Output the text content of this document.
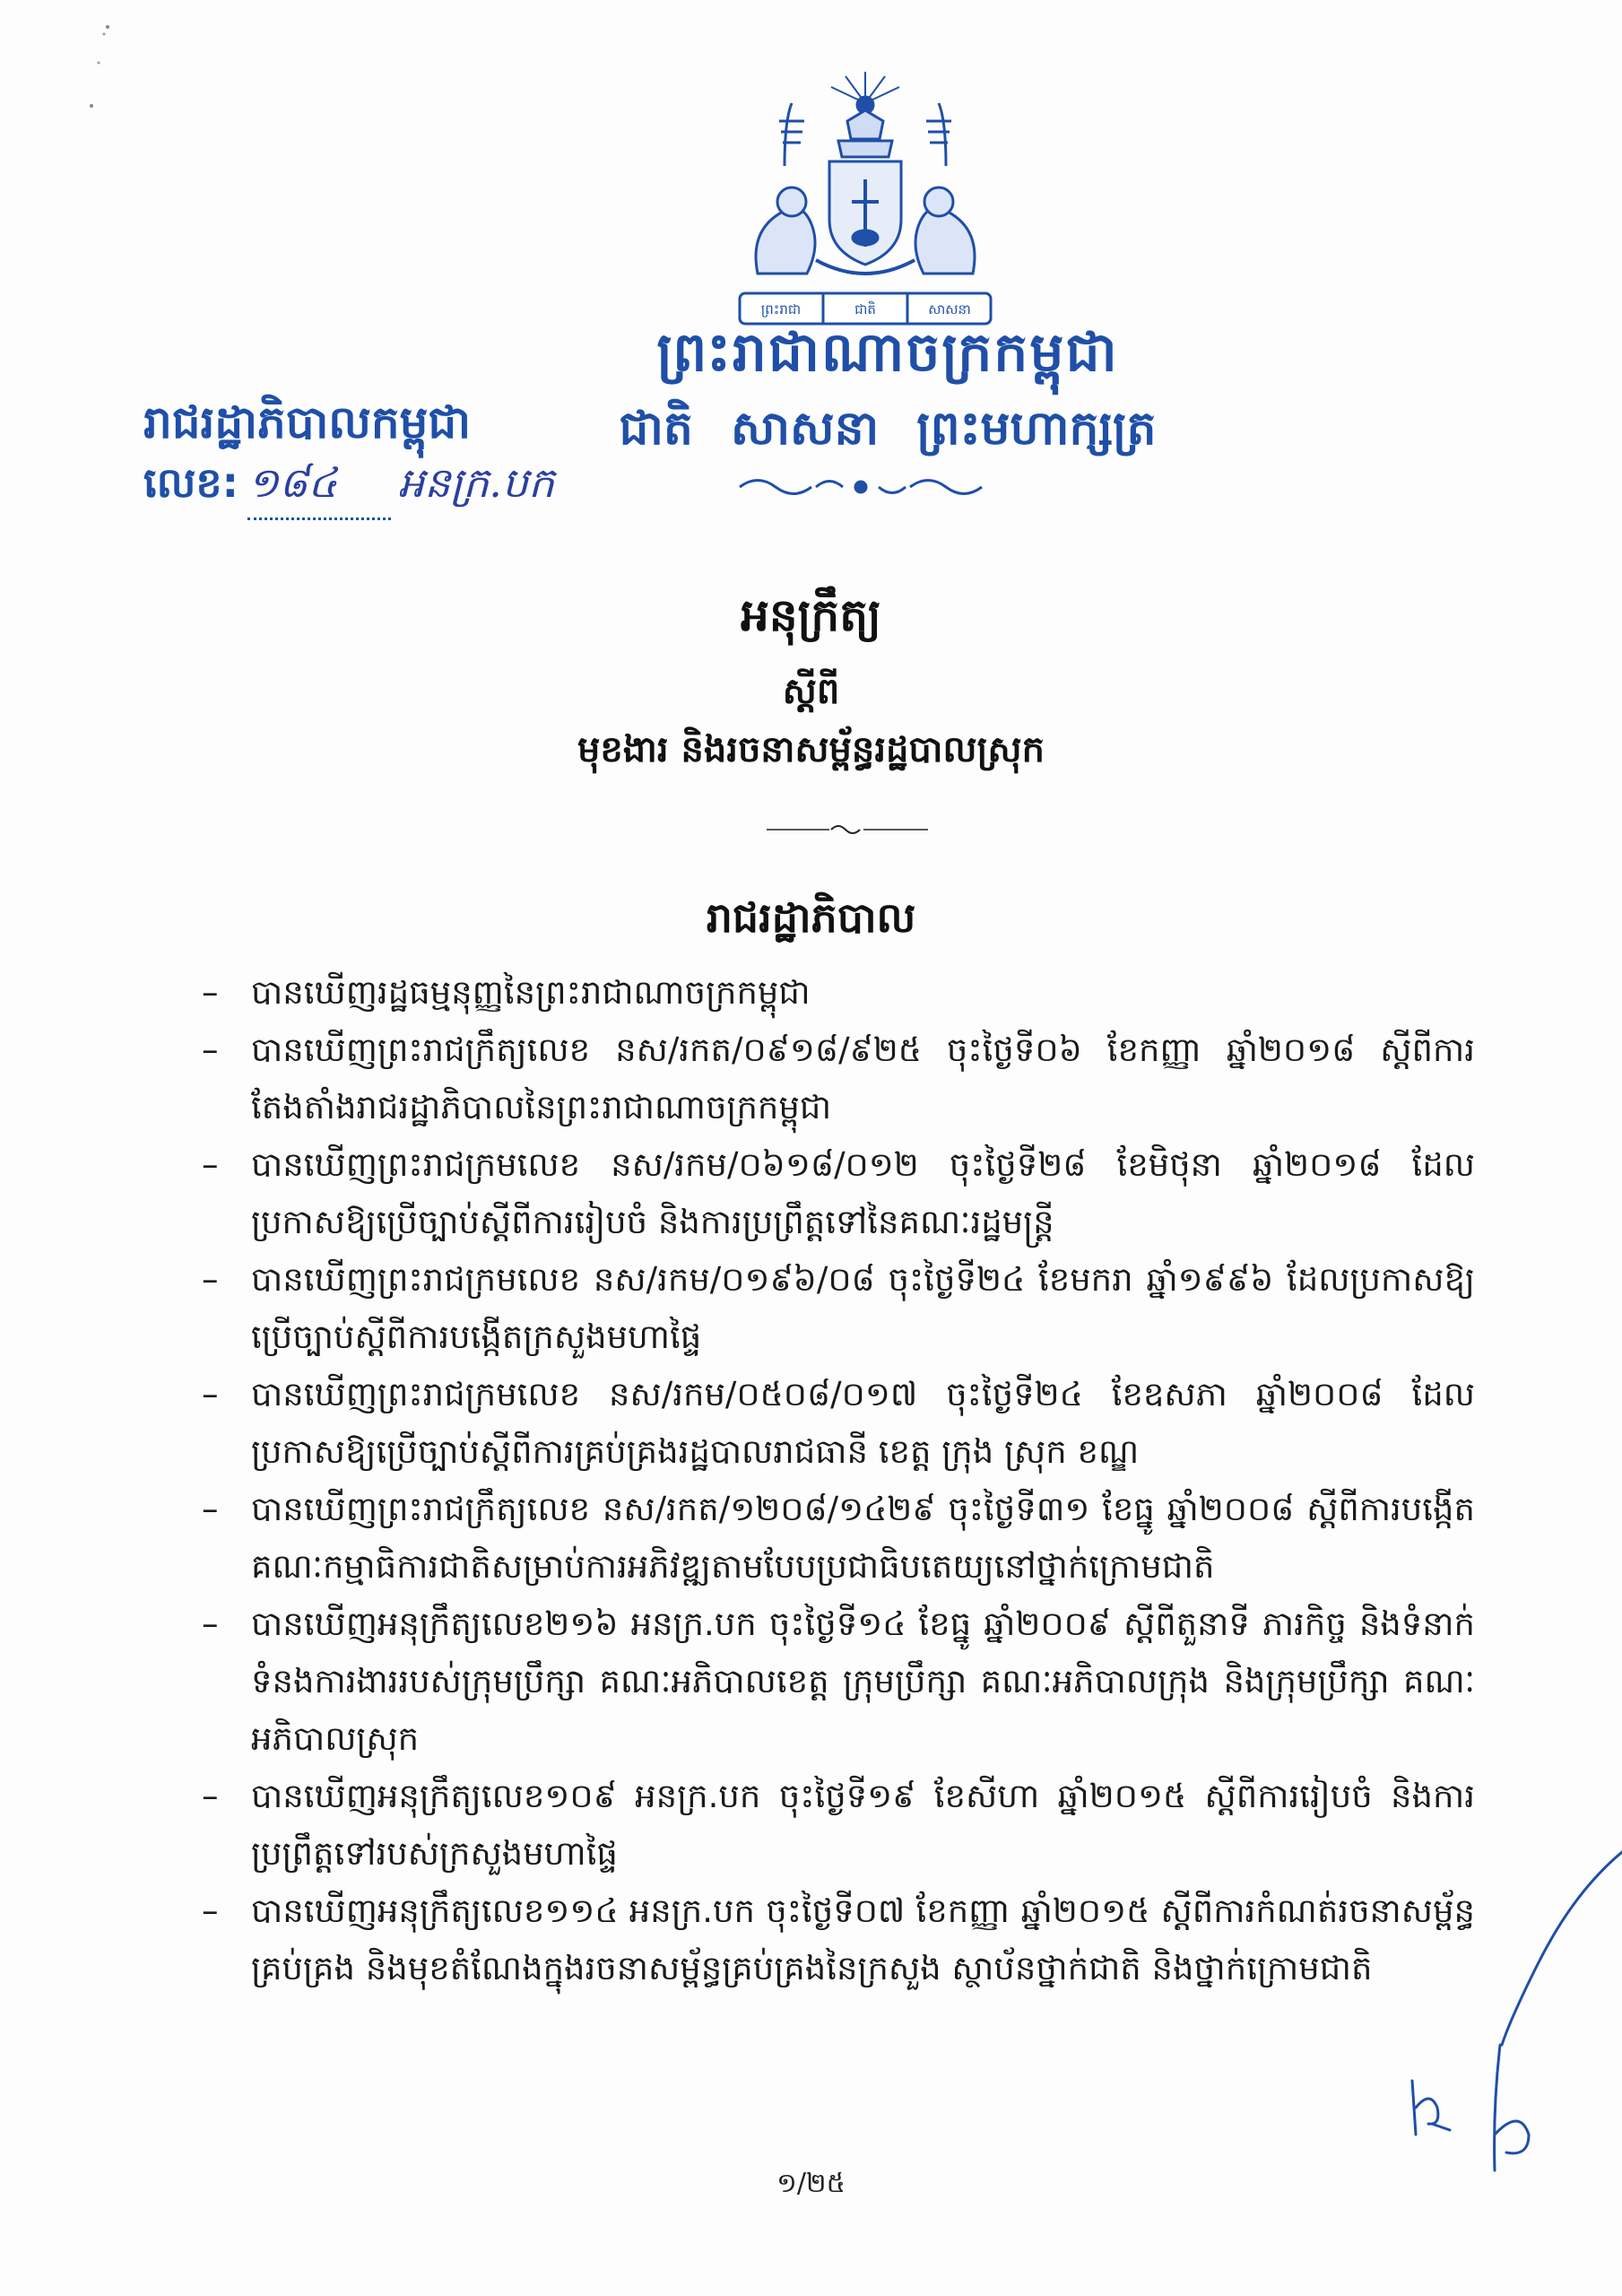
ព្រះរាជា	ជាតិ	សាសនា
ព្រះរាជាណាចក្រកម្ពុជា
ជាតិ សាសនា ព្រះមហាក្សត្រ
រាជរដ្ឋាភិបាលកម្ពុជា
លេខ: ១៨៤	អនក្រ.បក
អនុក្រឹត្យ
ស្តីពី
មុខងារ និងរចនាសម្ព័ន្ធរដ្ឋបាលស្រុក
រាជរដ្ឋាភិបាល
– បានឃើញរដ្ឋធម្មនុញ្ញនៃព្រះរាជាណាចក្រកម្ពុជា
– បានឃើញព្រះរាជក្រឹត្យលេខ នស/រកត/០៩១៨/៩២៥ ចុះថ្ងៃទី០៦ ខែកញ្ញា ឆ្នាំ២០១៨ ស្តីពីការតែងតាំងរាជរដ្ឋាភិបាលនៃព្រះរាជាណាចក្រកម្ពុជា
– បានឃើញព្រះរាជក្រមលេខ នស/រកម/០៦១៨/០១២ ចុះថ្ងៃទី២៨ ខែមិថុនា ឆ្នាំ២០១៨ ដែលប្រកាសឱ្យប្រើច្បាប់ស្តីពីការរៀបចំ និងការប្រព្រឹត្តទៅនៃគណៈរដ្ឋមន្ត្រី
– បានឃើញព្រះរាជក្រមលេខ នស/រកម/០១៩៦/០៨ ចុះថ្ងៃទី២៤ ខែមករា ឆ្នាំ១៩៩៦ ដែលប្រកាសឱ្យប្រើច្បាប់ស្តីពីការបង្កើតក្រសួងមហាផ្ទៃ
– បានឃើញព្រះរាជក្រមលេខ នស/រកម/០៥០៨/០១៧ ចុះថ្ងៃទី២៤ ខែឧសភា ឆ្នាំ២០០៨ ដែលប្រកាសឱ្យប្រើច្បាប់ស្តីពីការគ្រប់គ្រងរដ្ឋបាលរាជធានី ខេត្ត ក្រុង ស្រុក ខណ្ឌ
– បានឃើញព្រះរាជក្រឹត្យលេខ នស/រកត/១២០៨/១៤២៩ ចុះថ្ងៃទី៣១ ខែធ្នូ ឆ្នាំ២០០៨ ស្តីពីការបង្កើតគណៈកម្មាធិការជាតិសម្រាប់ការអភិវឌ្ឍតាមបែបប្រជាធិបតេយ្យនៅថ្នាក់ក្រោមជាតិ
– បានឃើញអនុក្រឹត្យលេខ២១៦ អនក្រ.បក ចុះថ្ងៃទី១៤ ខែធ្នូ ឆ្នាំ២០០៩ ស្តីពីតួនាទី ភារកិច្ច និងទំនាក់ទំនងការងាររបស់ក្រុមប្រឹក្សា គណៈអភិបាលខេត្ត ក្រុមប្រឹក្សា គណៈអភិបាលក្រុង និងក្រុមប្រឹក្សា គណៈអភិបាលស្រុក
– បានឃើញអនុក្រឹត្យលេខ១០៩ អនក្រ.បក ចុះថ្ងៃទី១៩ ខែសីហា ឆ្នាំ២០១៥ ស្តីពីការរៀបចំ និងការប្រព្រឹត្តទៅរបស់ក្រសួងមហាផ្ទៃ
– បានឃើញអនុក្រឹត្យលេខ១១៤ អនក្រ.បក ចុះថ្ងៃទី០៧ ខែកញ្ញា ឆ្នាំ២០១៥ ស្តីពីការកំណត់រចនាសម្ព័ន្ធគ្រប់គ្រង និងមុខតំណែងក្នុងរចនាសម្ព័ន្ធគ្រប់គ្រងនៃក្រសួង ស្ថាប័នថ្នាក់ជាតិ និងថ្នាក់ក្រោមជាតិ
១/២៥
